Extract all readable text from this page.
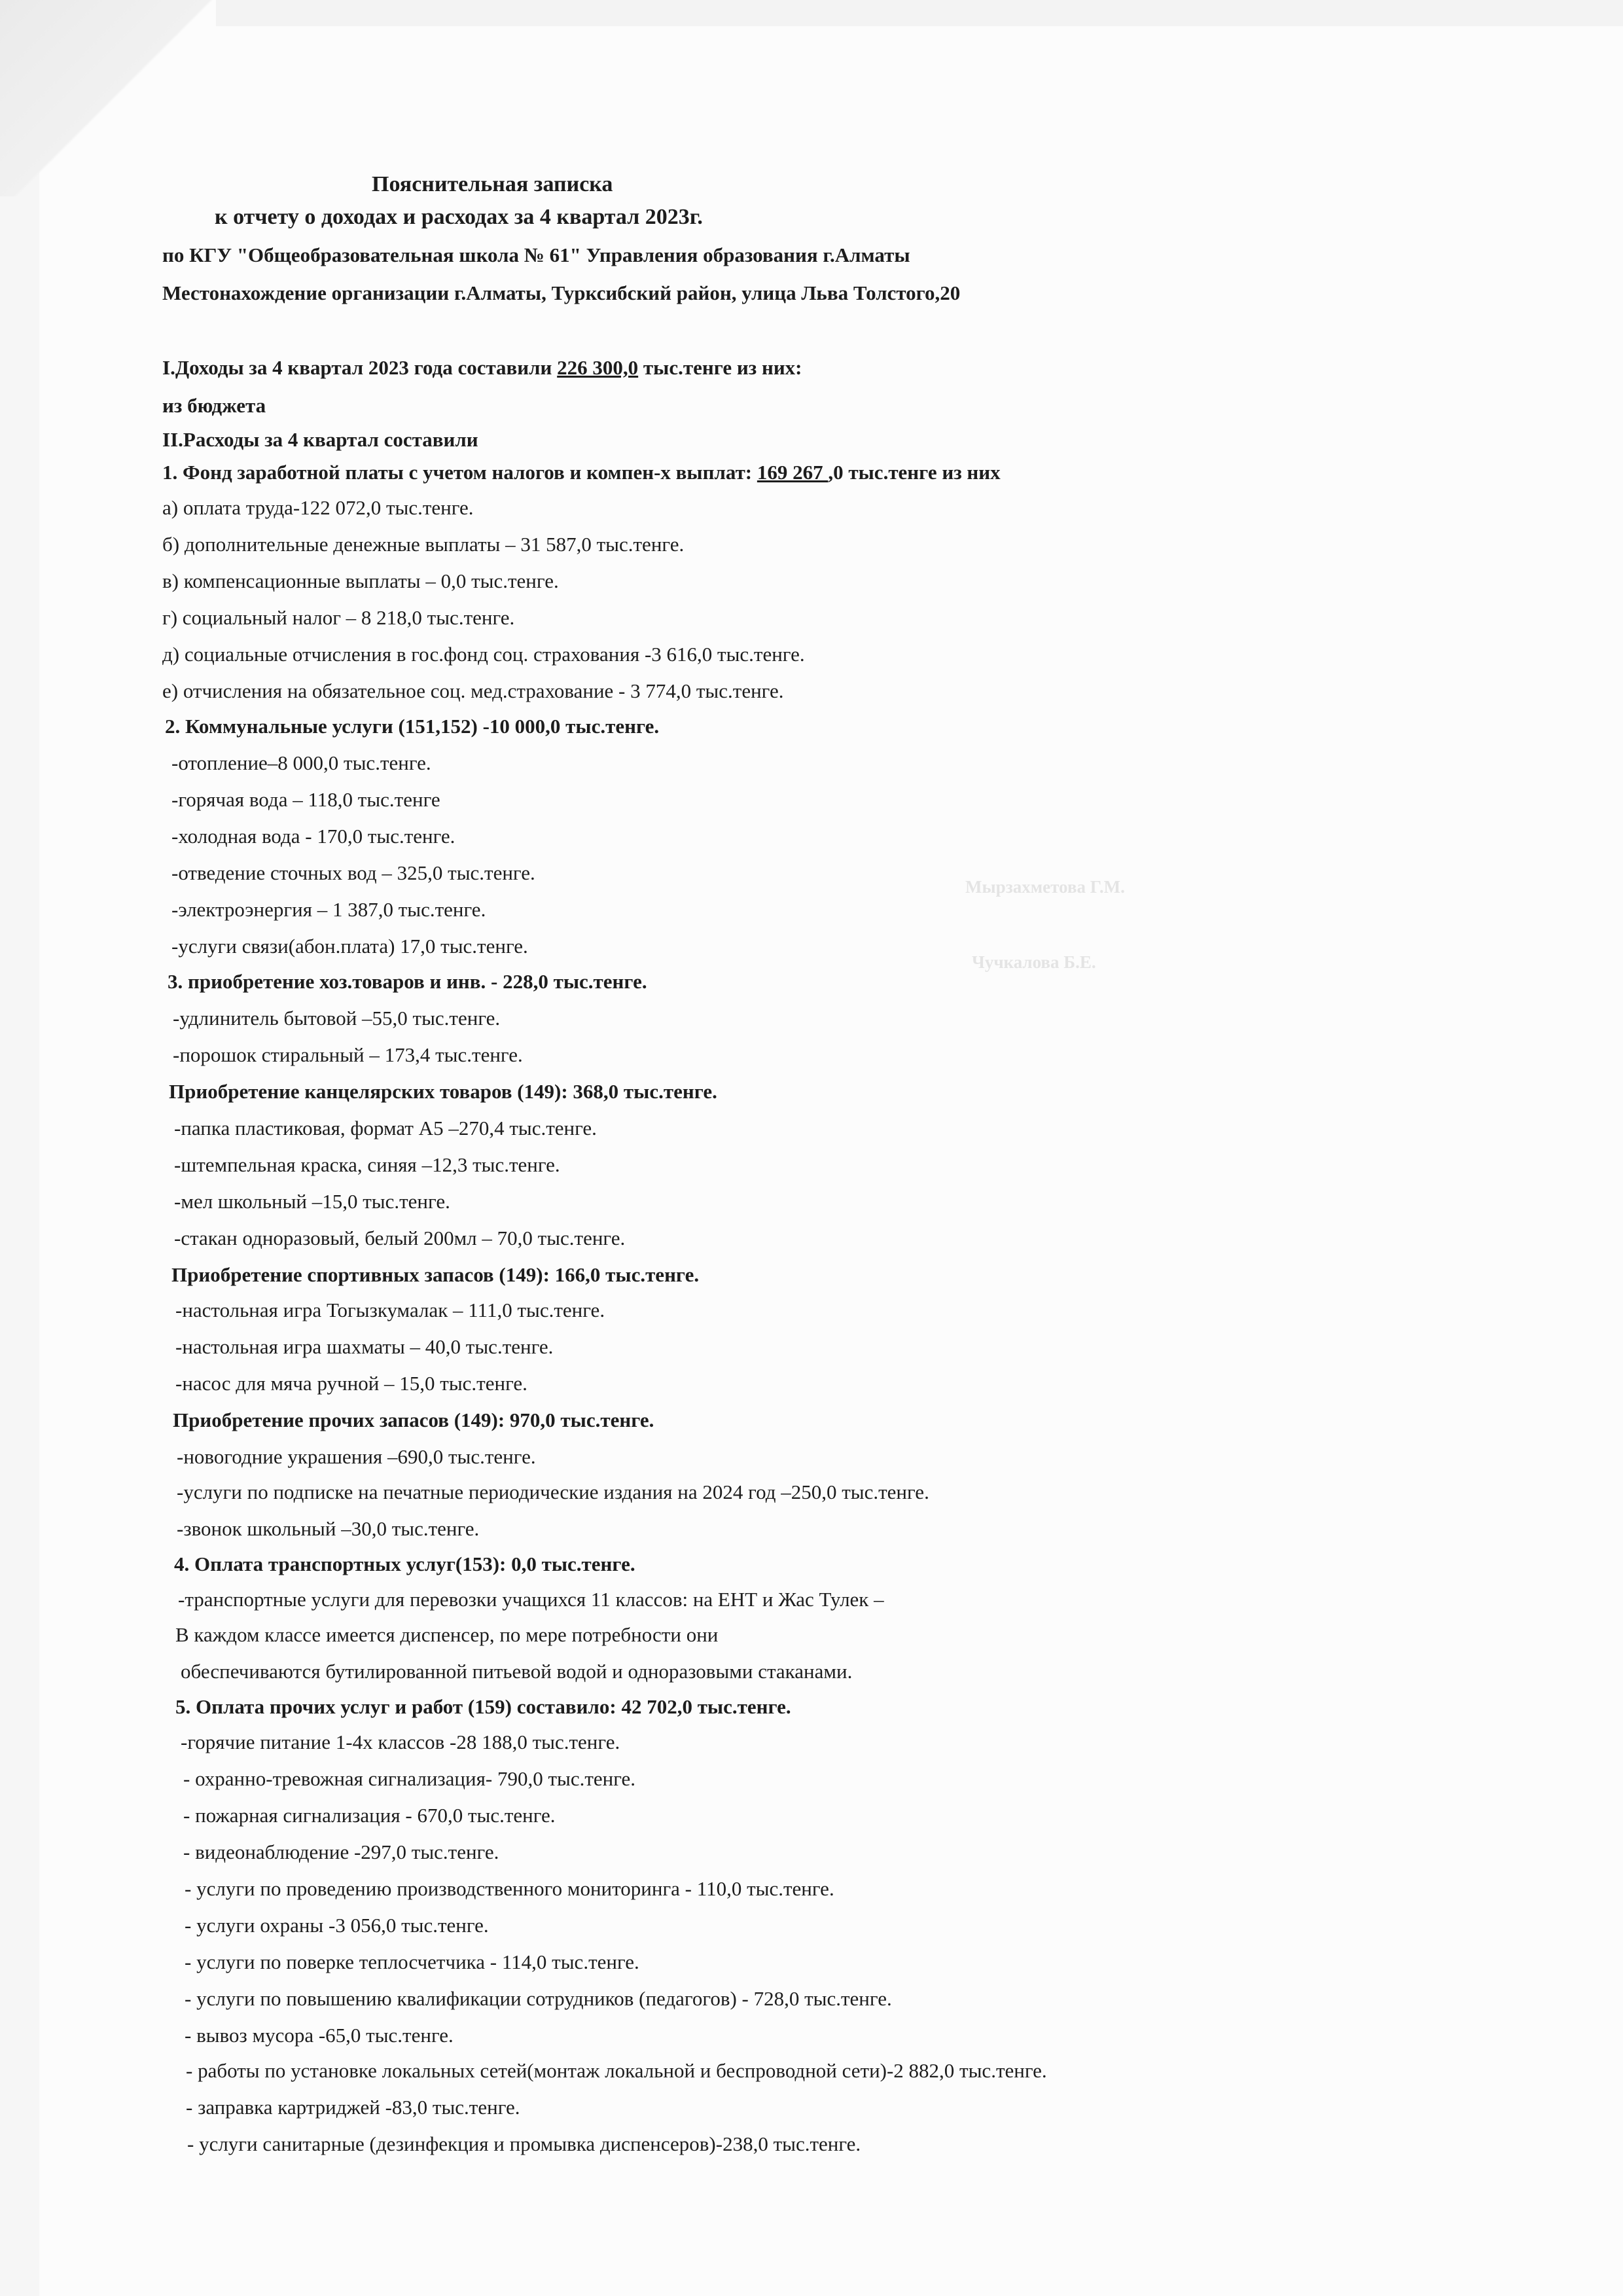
Мырзахметова Г.М.
Чучкалова Б.Е.
Пояснительная записка
к отчету о доходах и расходах за 4 квартал 2023г.
по КГУ "Общеобразовательная школа № 61" Управления образования г.Алматы
Местонахождение организации г.Алматы, Турксибский район, улица Льва Толстого,20
I.Доходы за 4 квартал 2023 года составили 226 300,0 тыс.тенге из них:
из бюджета
II.Расходы за 4 квартал составили
1. Фонд заработной платы с учетом налогов и компен-х выплат: 169 267 ,0 тыс.тенге из них
а) оплата труда-122 072,0 тыс.тенге.
б) дополнительные денежные выплаты – 31 587,0 тыс.тенге.
в) компенсационные выплаты – 0,0 тыс.тенге.
г) социальный налог – 8 218,0 тыс.тенге.
д) социальные отчисления в гос.фонд соц. страхования -3 616,0 тыс.тенге.
е) отчисления на обязательное соц. мед.страхование - 3 774,0 тыс.тенге.
2. Коммунальные услуги (151,152) -10 000,0 тыс.тенге.
-отопление–8 000,0 тыс.тенге.
-горячая вода – 118,0 тыс.тенге
-холодная вода - 170,0 тыс.тенге.
-отведение сточных вод – 325,0 тыс.тенге.
-электроэнергия – 1 387,0 тыс.тенге.
-услуги связи(абон.плата) 17,0 тыс.тенге.
3. приобретение хоз.товаров и инв. - 228,0 тыс.тенге.
-удлинитель бытовой –55,0 тыс.тенге.
-порошок стиральный – 173,4 тыс.тенге.
Приобретение канцелярских товаров (149): 368,0 тыс.тенге.
-папка пластиковая, формат А5 –270,4 тыс.тенге.
-штемпельная краска, синяя –12,3 тыс.тенге.
-мел школьный –15,0 тыс.тенге.
-стакан одноразовый, белый 200мл – 70,0 тыс.тенге.
Приобретение спортивных запасов (149): 166,0 тыс.тенге.
-настольная игра Тогызкумалак – 111,0 тыс.тенге.
-настольная игра шахматы – 40,0 тыс.тенге.
-насос для мяча ручной – 15,0 тыс.тенге.
Приобретение прочих запасов (149): 970,0 тыс.тенге.
-новогодние украшения –690,0 тыс.тенге.
-услуги по подписке на печатные периодические издания на 2024 год –250,0 тыс.тенге.
-звонок школьный –30,0 тыс.тенге.
4. Оплата транспортных услуг(153): 0,0 тыс.тенге.
-транспортные услуги для перевозки учащихся 11 классов: на ЕНТ и Жас Тулек –
В каждом классе имеется диспенсер, по мере потребности они
обеспечиваются бутилированной питьевой водой и одноразовыми стаканами.
5. Оплата прочих услуг и работ (159) составило: 42 702,0 тыс.тенге.
-горячие питание 1-4х классов -28 188,0 тыс.тенге.
- охранно-тревожная сигнализация- 790,0 тыс.тенге.
- пожарная сигнализация - 670,0 тыс.тенге.
- видеонаблюдение -297,0 тыс.тенге.
- услуги по проведению производственного мониторинга - 110,0 тыс.тенге.
- услуги охраны -3 056,0 тыс.тенге.
- услуги по поверке теплосчетчика - 114,0 тыс.тенге.
- услуги по повышению квалификации сотрудников (педагогов) - 728,0 тыс.тенге.
- вывоз мусора -65,0 тыс.тенге.
- работы по установке локальных сетей(монтаж локальной и беспроводной сети)-2 882,0 тыс.тенге.
- заправка картриджей -83,0 тыс.тенге.
- услуги санитарные (дезинфекция и промывка диспенсеров)-238,0 тыс.тенге.
